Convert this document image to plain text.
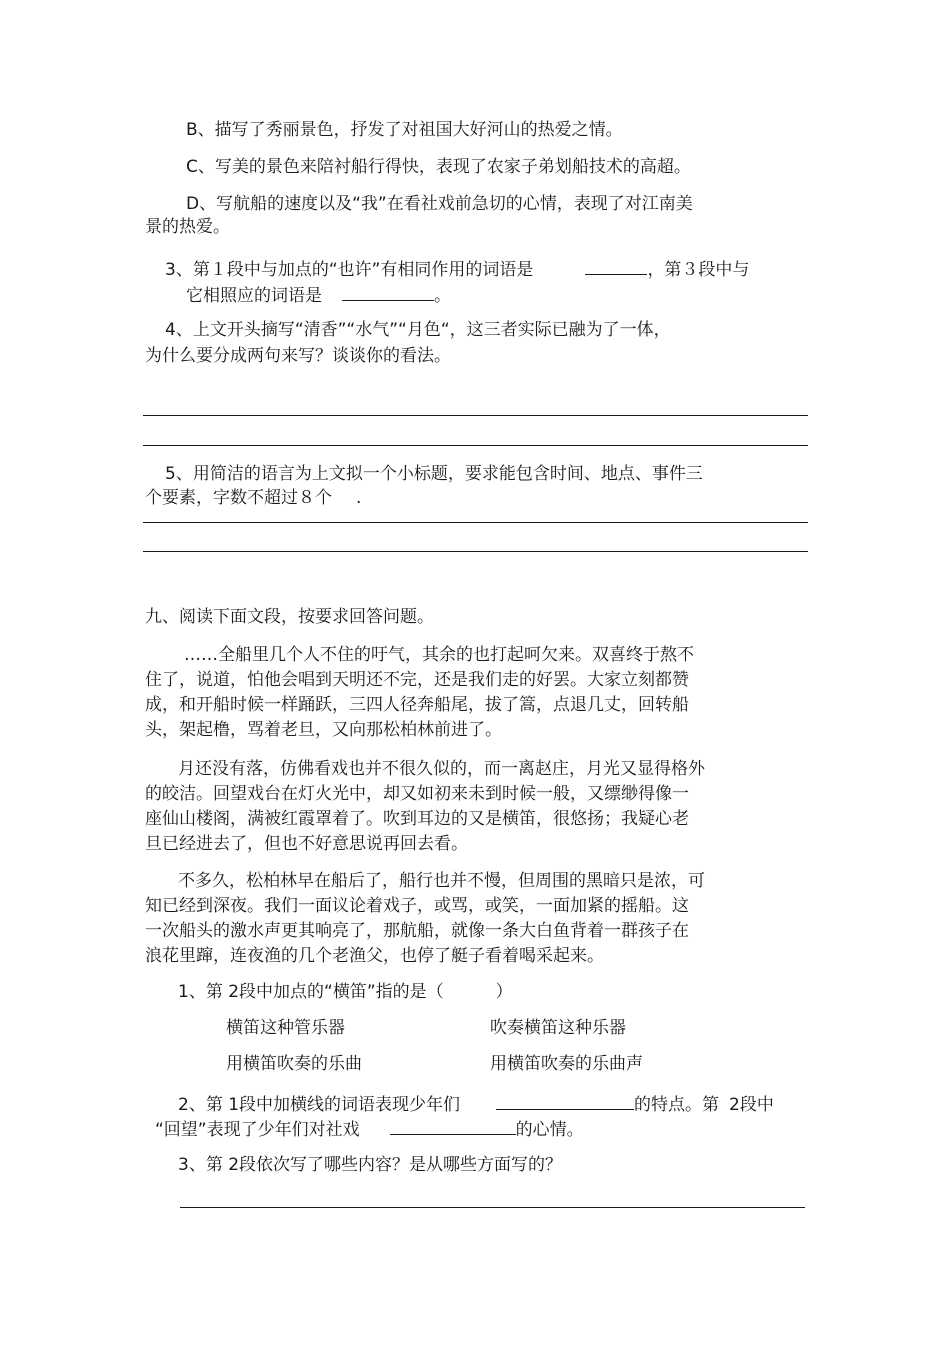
B、描写了秀丽景色，抒发了对祖国大好河山的热爱之情。

C、写美的景色来陪衬船行得快，表现了农家子弟划船技术的高超。

D、写航船的速度以及“我”在看社戏前急切的心情，表现了对江南美

景的热爱。

3、第１段中与加点的“也许”有相同作用的词语是	，第３段中与

它相照应的词语是	。

4、上文开头摘写“清香”“水气”“月色“，这三者实际已融为了一体，

为什么要分成两句来写？谈谈你的看法。

5、用简洁的语言为上文拟一个小标题，要求能包含时间、地点、事件三

个要素，字数不超过８个 .

九、阅读下面文段，按要求回答问题。

……全船里几个人不住的吁气，其余的也打起呵欠来。双喜终于熬不

住了，说道，怕他会唱到天明还不完，还是我们走的好罢。大家立刻都赞

成，和开船时候一样踊跃，三四人径奔船尾，拔了篙，点退几丈，回转船

头，架起橹，骂着老旦，又向那松柏林前进了。

月还没有落，仿佛看戏也并不很久似的，而一离赵庄，月光又显得格外

的皎洁。回望戏台在灯火光中，却又如初来未到时候一般，又缥缈得像一

座仙山楼阁，满被红霞罩着了。吹到耳边的又是横笛，很悠扬；我疑心老

旦已经进去了，但也不好意思说再回去看。

不多久，松柏林早在船后了，船行也并不慢，但周围的黑暗只是浓，可

知已经到深夜。我们一面议论着戏子，或骂，或笑，一面加紧的摇船。这

一次船头的激水声更其响亮了，那航船，就像一条大白鱼背着一群孩子在

浪花里蹿，连夜渔的几个老渔父，也停了艇子看着喝采起来。

1、第 2段中加点的“横笛”指的是（	）

横笛这种管乐器	吹奏横笛这种乐器

用横笛吹奏的乐曲	用横笛吹奏的乐曲声

2、第 1段中加横线的词语表现少年们	的特点。第 2段中

“回望”表现了少年们对社戏	的心情。

3、第 2段依次写了哪些内容？是从哪些方面写的？
